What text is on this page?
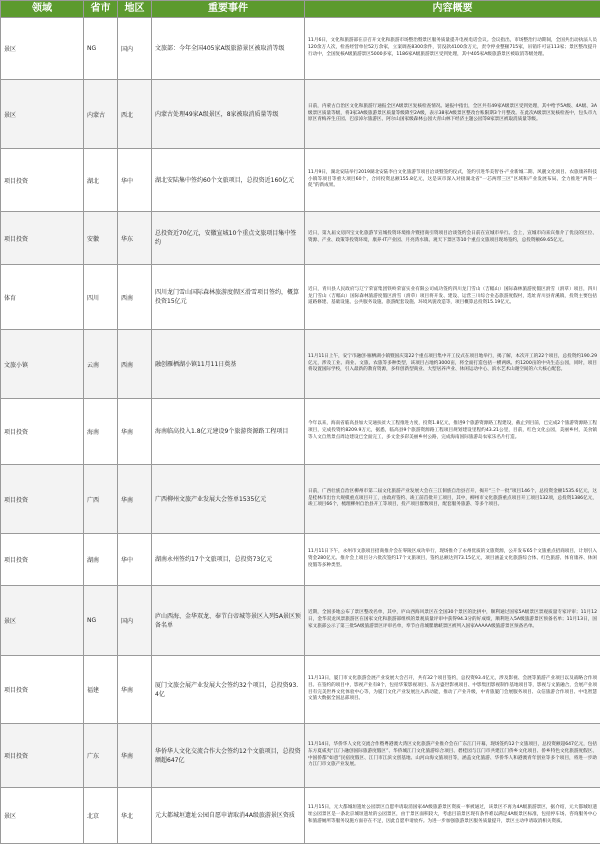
领域	省市	地区	重要事件	内容概要
景区	NG	国内	文旅部：今年全国405家A级旅游景区被取消等级	11月6日，文化和旅游部在京召开文化和旅游市场整治暨景区服务质量提升电视电话会议。会议指出，市场整治行动期间，全国共出动执法人员120余万人次，检查经营单位52万余家，立案调查8300余件，罚没款4100余万元，责令停业整顿715家，吊销许可证113家；景区整改提升行动中，全国复核A级旅游景区5000多家，1186家A级旅游景区受到处理，其中405家A级旅游景区被取消等级处理。

景区	内蒙古	西北	内蒙古处理49家A级景区，8家被取消质量等级	日前，内蒙古自治区文化和旅游厅通报全区A级景区复核检查情况。通报中指出，全区共有49家A级景区受到处理，其中给予5A级、4A级、3A级景区质量等级，将3家3A级旅游景区质量等级降至2A级，表示38家A级景区整改台账限期3个月整改。在此次A级景区复核检查中，包头市九原区青梅养生庄园、巴彦淖尔旅游区、阿尔山国家级森林公园大青山林下经济主题公园等8家景区被取消质量等级。

项目投资	湖北	华中	湖北安陆集中签约60个文旅项目，总投资近160亿元	11月9日，湖北安陆举行2019湖北安陆李白文化旅游节项目洽谈暨签约仪式，签约引进华美智谷·产业新城二期、风靓文化项目、农旅康养科技小镇等项目等重大项目60个，合同投资总额155.8亿元，这是该市深入对接湖北省“一芯两带三区”区域和产业发展布局、全力推进“两资一促”的新成果。

项目投资	安徽	华东	总投资近70亿元，安徽宣城10个重点文旅项目集中签约	近日，第九届文房四宝文化旅游节宣城投资环境推介暨招商引资项目洽谈签约会日前在宣城市举行。会上，宣城市向来宾推介了优良的区位、资源、产业、政策等投资环境，康养·IT产业园、月亮湾水镇、观天下景区等10个重点文旅项目现场签约，总投资额69.65亿元。

体育	四川	西南	四川龙门雪山国际森林旅游度假区滑雪项目签约，概算投资15亿元	近日，青川县人民政府与辽宁荣富集团铁岭荣富实业有限公司成功签约四川龙门雪山（吉幅山）国际森林旅游度假区滑雪（滑草）项目，四川龙门雪山（吉幅山）国际森林旅游度假区滑雪（滑草）项目将开发、建设、运营三川综合业态旅游度假村，选址青川县青溪镇，投资主要包括道路修建、基础设施、公共服务设施、旅游配套设施、环境风貌改造等，项目概算总投资15.19亿元。

文旅小镇	云南	西南	融创雁栖湖小镇11月11日奠基	11月11日上午，安宁市融创·雁栖湖小镇暨国庆第22个重点项目集中开工仪式在项目地举行，揭了解，本次开工的22个项目，总投资约190.29亿元，涉及工业、商业、文旅、农旅等多种类型，该项目占地约3000亩，将全面打造包括一横两纵、约1200亩的中央生态公园，同时，项目将设置国际学校，引入最新的教育资源，多样创新型商业、大型居养声业、休闲运动中心、滨水艺术山谢空间的六大核心配套。

项目投资	海南	华南	海南临高投入1.8亿元建设9个旅游资源路工程项目	今年以来，海南省临高县加大交通扶贫大工程推进力度，投资1.8亿元，推进9个旅游资源路工程建设，截止到目前，已完成2个旅游资源路工程项目，完成投资约8209.9万元，据悉，临高县9个旅游资源路工程项目规划建设里程约43.21公里，目前，红色文化公园，美丽乡村，美食镇等人文自然景点周边建设已全面完工，多文金多彩美丽乡村公路，完成海南国际旅游岛农家乐名片打造。

项目投资	广西	华南	广西柳州文旅产业发展大会签单1535亿元	日前，广西壮族自治区柳州市第二届文化旅游产业发展大会在三江侗族自治县召开，揭开“三个一批”项目146个，总投资金额1535.6亿元，这是桂林市出台大规模重点项目开工，由政府签约、竣工前首批开工项目，其中，柳州市文化旅游重点项目开工项目132项，总投资1386亿元，竣工项目66个，梳理柳州自治县开工等项目，投产项目群数项目，配套服务旅游、等多个项目。

项目投资	湖南	华中	湖南永州签约17个文旅项目，总投资73亿元	11月11日下午，永州市文旅项目招商推介会在零陵区成功举行，现场推介了永州优质的文旅资源，公开发布65个文旅重点招商项目，计划引入资金280亿元。推介会上项目分六批次签约17个文旅项目，签约总额达到73.15亿元，项目涵盖文化旅游综合体、红色旅游、体育康养、休闲度假等多种类型。

景区	NG	国内	庐山西海、金华双龙、奉节白帝城等景区入列5A景区预备名单	近期，全国多地公布了景区整改名单，其中，庐山西海风景区在全国30个景区的比拼中，顺利通过国家5A级景区景观质量专家评审；11月12日，金华双龙风景旅游区在国家文化和旅游部组织的景观质量评审中获得94.3分的好成绩，顺利进入5A级旅游景区预备名单；11月13日，国家文旅部公示了第三批5A级旅游景区评审名单，奉节白帝城瞿塘峡景区被列入国家AAAAA级旅游景区预备名单。

项目投资	福建	华南	厦门文旅会展产业发展大会签约32个项目，总投资93.4亿	11月13日，厦门市文化旅游会展产业发展大会召开，共有32个项目签约，总投资93.4亿元，涉及影视、会展等旅游产业项目以及战略合作项目。在签约的项目中，影视产业有8个，包括华策影视项目、东方盛世影视项目、中影集团影视制作基地项目等，影视与文旅融合，会展产业项目有完美世界文化体验中心等，为厦门文化产业发展注入新动能，推动了产业升级，中青旅厦门会展服务项目、众信旅游合作项目、中电智慧文旅大数据全国总部项目。

项目投资	广东	华南	华侨华人文化交流合作大会签约12个文旅项目，总投资额超647亿	11月14日，华侨华人文化交流合作暨粤港澳大湾区文化旅游产业推介会在广东江门开幕，现场签约12个文旅项目，总投资额超647亿元，包括东方夏威夷“江门·融创国际旅游度假区”、华侨城江门文化旅游综合项目、碧桂园与江门市共建江门侨乡文化项目、侨乡特色文化旅游度假区、中国侨都“如意”民宿度假区、江门市江滨文创基地、山河山海文旅项目等，涵盖文化旅游、华侨华人和港澳青年创业等多个项目，将进一步助力江门市文旅产业发展。

景区	北京	华北	元大都城垣遗址公园自愿申请取消4A级旅游景区资质	11月15日，元大都城垣遗址公园景区自愿申请取消国家4A级旅游景区资质一事被通过，该景区不再为4A级旅游景区，据介绍，元大都城垣遗址公园景区是一条北京城垣遗址的公园景区，由于景区面积较大，考虑目前景区现有条件难以满足4A级景区标准，包括停车场、咨询服务中心和旅游厕所等服务设施方面存在不足，因此自愿申请放弃。为进一步加强旅游景区服务质量提升，景区主动申请取消相关资质。
